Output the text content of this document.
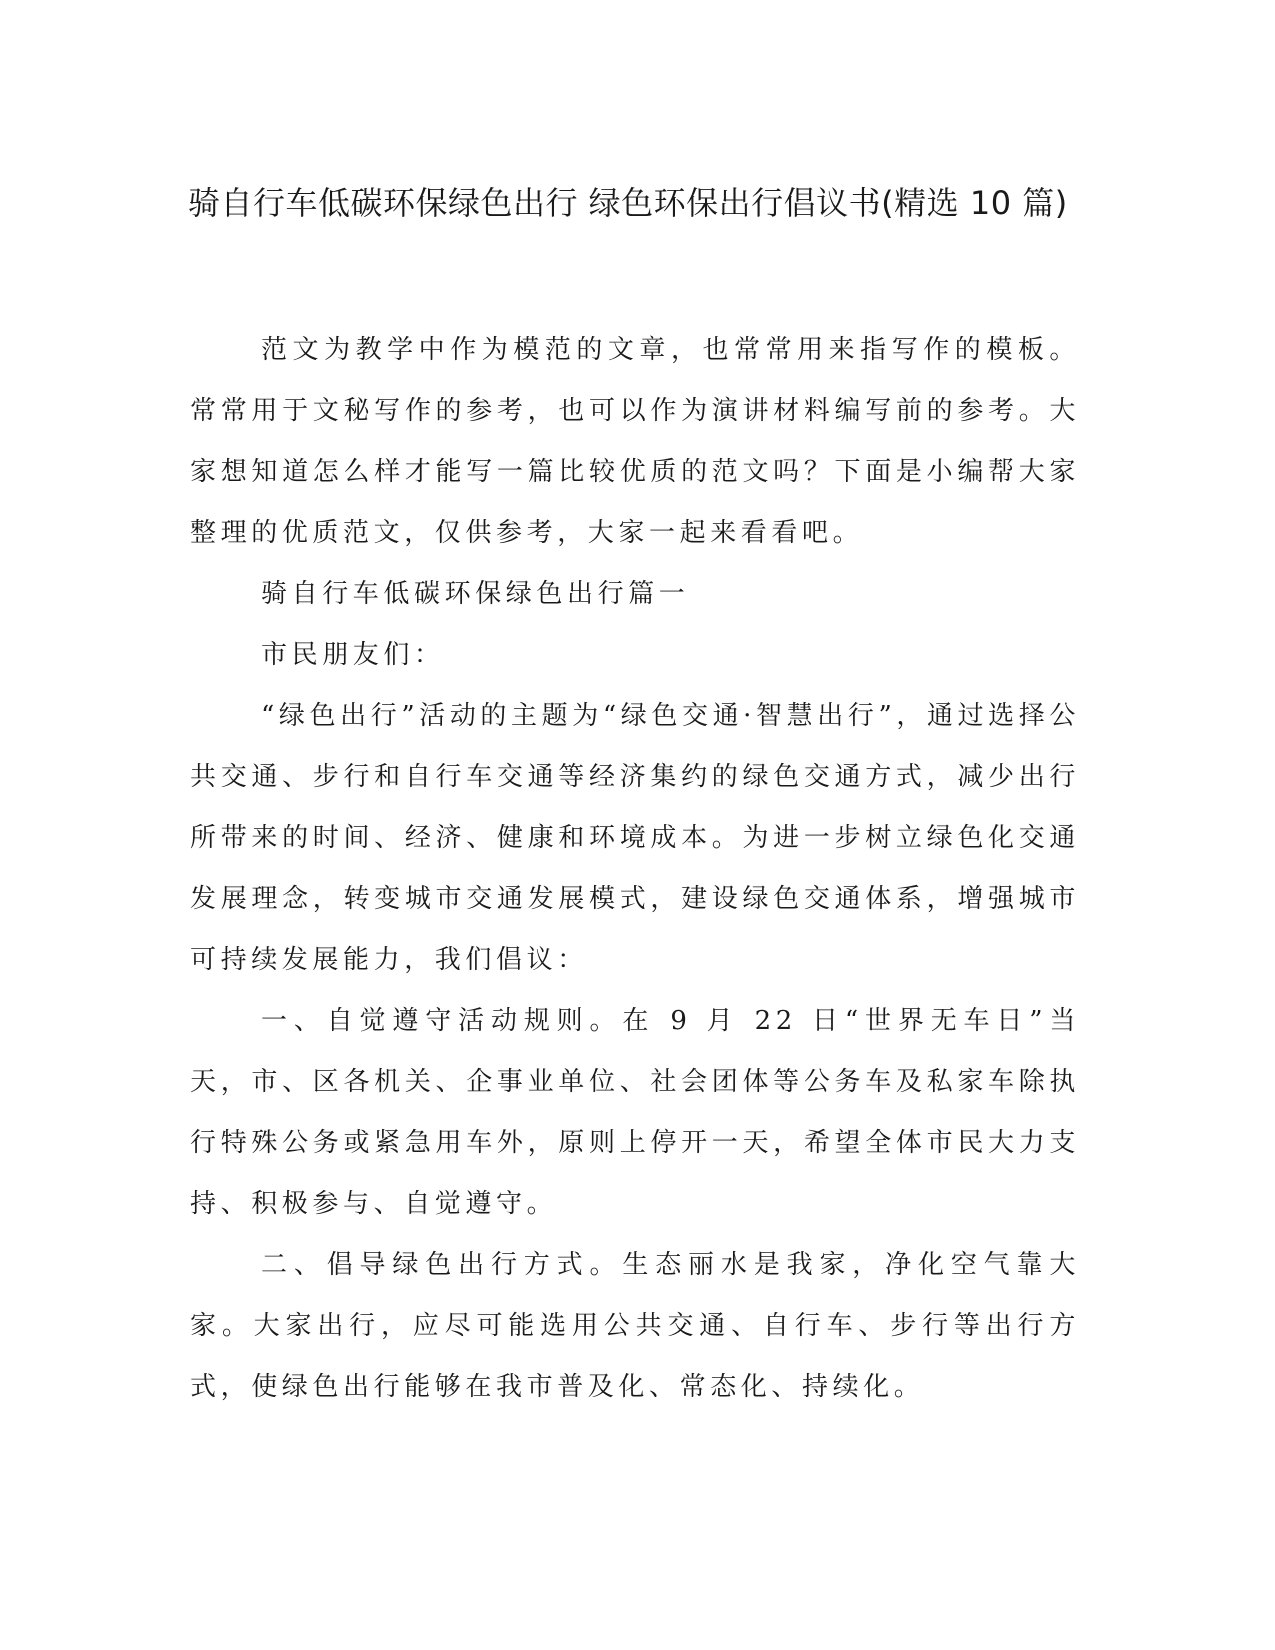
骑自行车低碳环保绿色出行 绿色环保出行倡议书(精选 10 篇)

范文为教学中作为模范的文章，也常常用来指写作的模板。常常用于文秘写作的参考，也可以作为演讲材料编写前的参考。大家想知道怎么样才能写一篇比较优质的范文吗？下面是小编帮大家整理的优质范文，仅供参考，大家一起来看看吧。

骑自行车低碳环保绿色出行篇一

市民朋友们：

“绿色出行”活动的主题为“绿色交通·智慧出行”，通过选择公共交通、步行和自行车交通等经济集约的绿色交通方式，减少出行所带来的时间、经济、健康和环境成本。为进一步树立绿色化交通发展理念，转变城市交通发展模式，建设绿色交通体系，增强城市可持续发展能力，我们倡议：

一、自觉遵守活动规则。在 9 月 22 日“世界无车日”当天，市、区各机关、企事业单位、社会团体等公务车及私家车除执行特殊公务或紧急用车外，原则上停开一天，希望全体市民大力支持、积极参与、自觉遵守。

二、倡导绿色出行方式。生态丽水是我家，净化空气靠大家。大家出行，应尽可能选用公共交通、自行车、步行等出行方式，使绿色出行能够在我市普及化、常态化、持续化。
